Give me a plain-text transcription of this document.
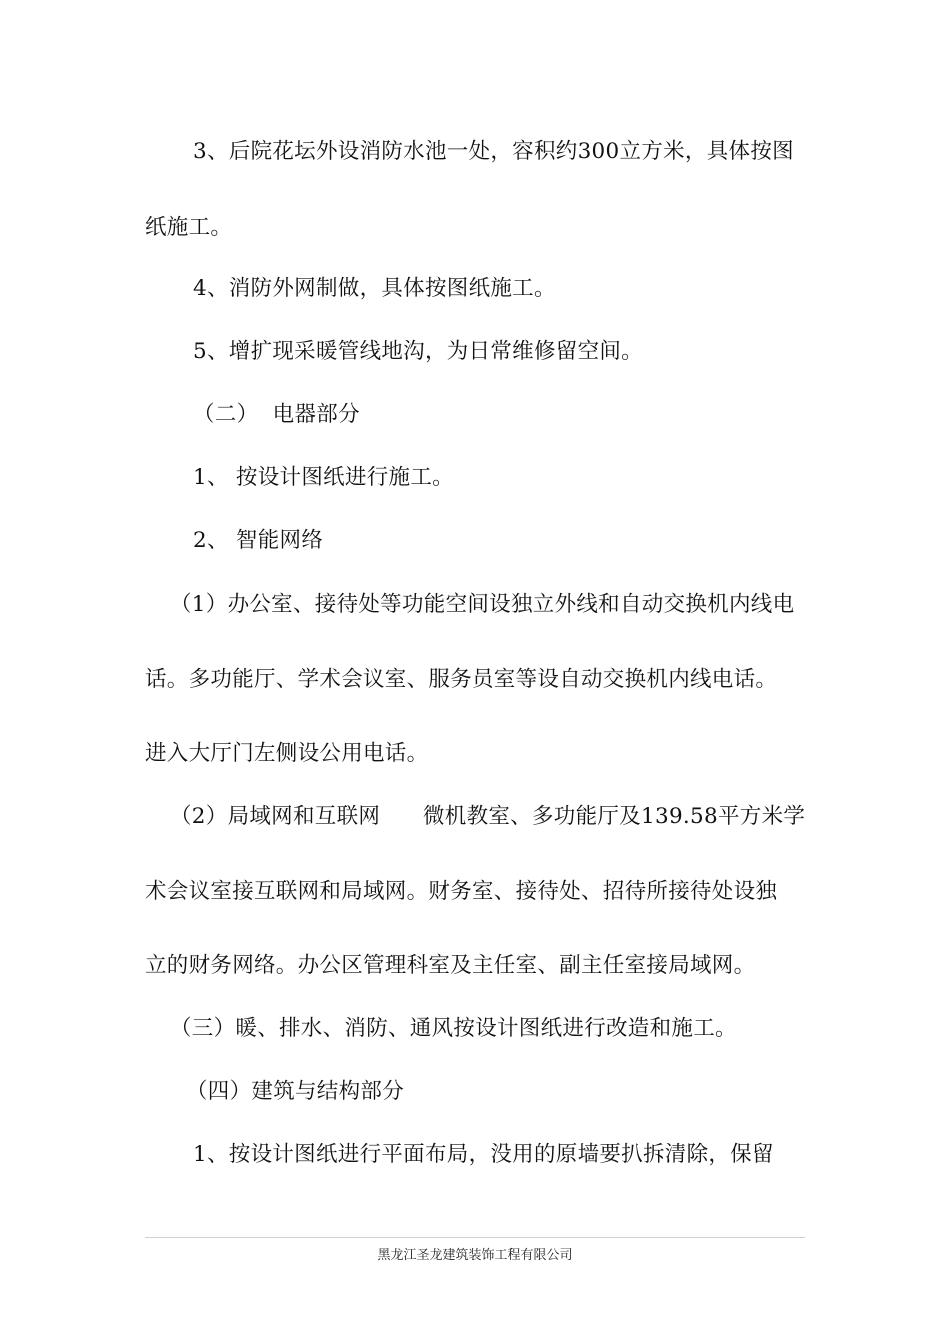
3、后院花坛外设消防水池一处，容积约300立方米，具体按图
纸施工。
4、消防外网制做，具体按图纸施工。
5、增扩现采暖管线地沟，为日常维修留空间。
（二）  电器部分
1、 按设计图纸进行施工。
2、 智能网络
（1）办公室、接待处等功能空间设独立外线和自动交换机内线电
话。多功能厅、学术会议室、服务员室等设自动交换机内线电话。
进入大厅门左侧设公用电话。
（2）局域网和互联网      微机教室、多功能厅及139.58平方米学
术会议室接互联网和局域网。财务室、接待处、招待所接待处设独
立的财务网络。办公区管理科室及主任室、副主任室接局域网。
（三）暖、排水、消防、通风按设计图纸进行改造和施工。
（四）建筑与结构部分
1、按设计图纸进行平面布局，没用的原墙要扒拆清除，保留
黑龙江圣龙建筑装饰工程有限公司
